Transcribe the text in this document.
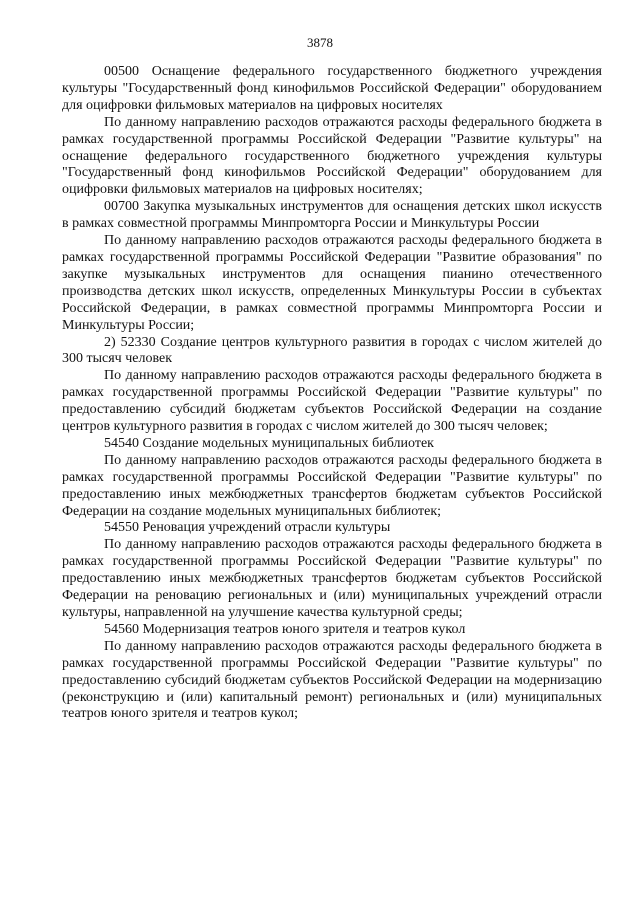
3878

00500 Оснащение федерального государственного бюджетного учреждения культуры "Государственный фонд кинофильмов Российской Федерации" оборудованием для оцифровки фильмовых материалов на цифровых носителях

По данному направлению расходов отражаются расходы федерального бюджета в рамках государственной программы Российской Федерации "Развитие культуры" на оснащение федерального государственного бюджетного учреждения культуры "Государственный фонд кинофильмов Российской Федерации" оборудованием для оцифровки фильмовых материалов на цифровых носителях;

00700 Закупка музыкальных инструментов для оснащения детских школ искусств в рамках совместной программы Минпромторга России и Минкультуры России

По данному направлению расходов отражаются расходы федерального бюджета в рамках государственной программы Российской Федерации "Развитие образования" по закупке музыкальных инструментов для оснащения пианино отечественного производства детских школ искусств, определенных Минкультуры России в субъектах Российской Федерации, в рамках совместной программы Минпромторга России и Минкультуры России;

2) 52330 Создание центров культурного развития в городах с числом жителей до 300 тысяч человек

По данному направлению расходов отражаются расходы федерального бюджета в рамках государственной программы Российской Федерации "Развитие культуры" по предоставлению субсидий бюджетам субъектов Российской Федерации на создание центров культурного развития в городах с числом жителей до 300 тысяч человек;

54540 Создание модельных муниципальных библиотек

По данному направлению расходов отражаются расходы федерального бюджета в рамках государственной программы Российской Федерации "Развитие культуры" по предоставлению иных межбюджетных трансфертов бюджетам субъектов Российской Федерации на создание модельных муниципальных библиотек;

54550 Реновация учреждений отрасли культуры

По данному направлению расходов отражаются расходы федерального бюджета в рамках государственной программы Российской Федерации "Развитие культуры" по предоставлению иных межбюджетных трансфертов бюджетам субъектов Российской Федерации на реновацию региональных и (или) муниципальных учреждений отрасли культуры, направленной на улучшение качества культурной среды;

54560 Модернизация театров юного зрителя и театров кукол

По данному направлению расходов отражаются расходы федерального бюджета в рамках государственной программы Российской Федерации "Развитие культуры" по предоставлению субсидий бюджетам субъектов Российской Федерации на модернизацию (реконструкцию и (или) капитальный ремонт) региональных и (или) муниципальных театров юного зрителя и театров кукол;
